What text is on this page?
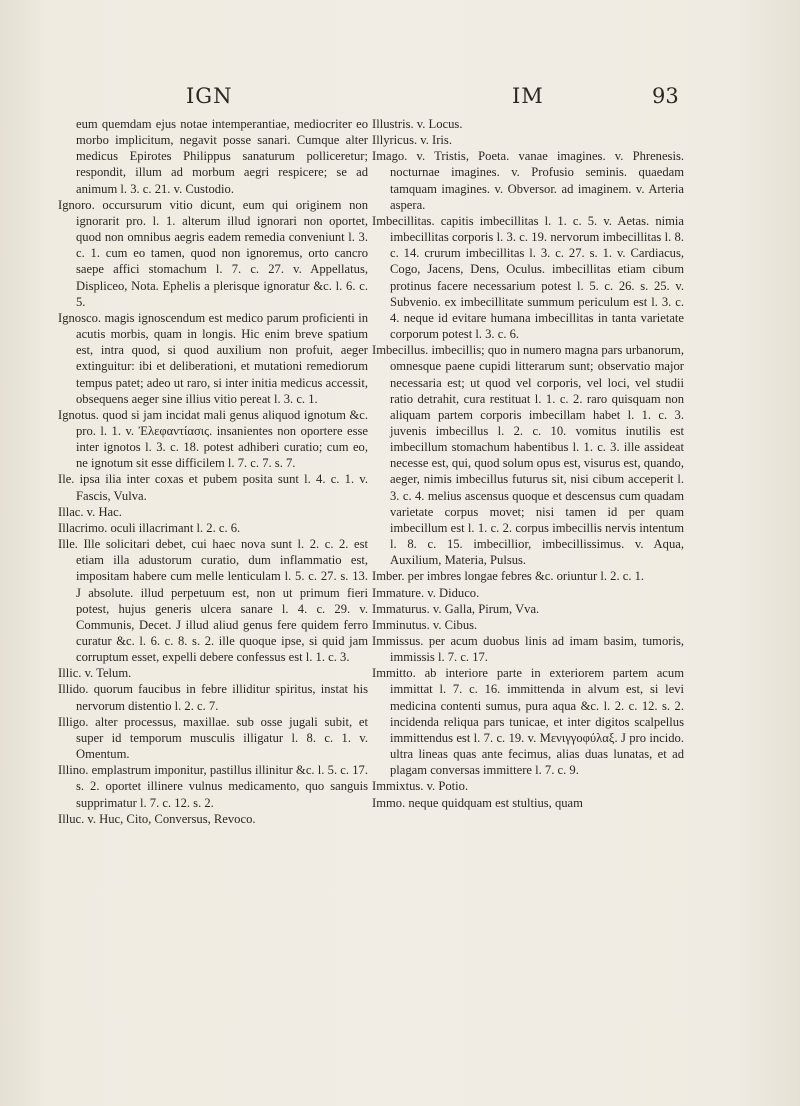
IGN	IM	93

eum quemdam ejus notae intemperantiae, mediocriter eo morbo implicitum, negavit posse sanari. Cumque alter medicus Epirotes Philippus sanaturum polliceretur; respondit, illum ad morbum aegri respicere; se ad animum l. 3. c. 21. v. Custodio.

Ignoro. occursurum vitio dicunt, eum qui originem non ignorarit pro. l. 1. alterum illud ignorari non oportet, quod non omnibus aegris eadem remedia conveniunt l. 3. c. 1. cum eo tamen, quod non ignoremus, orto cancro saepe affici stomachum l. 7. c. 27. v. Appellatus, Displiceo, Nota. Ephelis a plerisque ignoratur &c. l. 6. c. 5.

Ignosco. magis ignoscendum est medico parum proficienti in acutis morbis, quam in longis. Hic enim breve spatium est, intra quod, si quod auxilium non profuit, aeger extinguitur: ibi et deliberationi, et mutationi remediorum tempus patet; adeo ut raro, si inter initia medicus accessit, obsequens aeger sine illius vitio pereat l. 3. c. 1.

Ignotus. quod si jam incidat mali genus aliquod ignotum &c. pro. l. 1. v. Ἐλεφαντίασις. insanientes non oportere esse inter ignotos l. 3. c. 18. potest adhiberi curatio; cum eo, ne ignotum sit esse difficilem l. 7. c. 7. s. 7.

Ile. ipsa ilia inter coxas et pubem posita sunt l. 4. c. 1. v. Fascis, Vulva.

Illac. v. Hac.

Illacrimo. oculi illacrimant l. 2. c. 6.

Ille. Ille solicitari debet, cui haec nova sunt l. 2. c. 2. est etiam illa adustorum curatio, dum inflammatio est, impositam habere cum melle lenticulam l. 5. c. 27. s. 13. J absolute. illud perpetuum est, non ut primum fieri potest, hujus generis ulcera sanare l. 4. c. 29. v. Communis, Decet. J illud aliud genus fere quidem ferro curatur &c. l. 6. c. 8. s. 2. ille quoque ipse, si quid jam corruptum esset, expelli debere confessus est l. 1. c. 3.

Illic. v. Telum.

Illido. quorum faucibus in febre illiditur spiritus, instat his nervorum distentio l. 2. c. 7.

Illigo. alter processus, maxillae. sub osse jugali subit, et super id temporum musculis illigatur l. 8. c. 1. v. Omentum.

Illino. emplastrum imponitur, pastillus illinitur &c. l. 5. c. 17. s. 2. oportet illinere vulnus medicamento, quo sanguis supprimatur l. 7. c. 12. s. 2.

Illuc. v. Huc, Cito, Conversus, Revoco.

Illustris. v. Locus.

Illyricus. v. Iris.

Imago. v. Tristis, Poeta. vanae imagines. v. Phrenesis. nocturnae imagines. v. Profusio seminis. quaedam tamquam imagines. v. Obversor. ad imaginem. v. Arteria aspera.

Imbecillitas. capitis imbecillitas l. 1. c. 5. v. Aetas. nimia imbecillitas corporis l. 3. c. 19. nervorum imbecillitas l. 8. c. 14. crurum imbecillitas l. 3. c. 27. s. 1. v. Cardiacus, Cogo, Jacens, Dens, Oculus. imbecillitas etiam cibum protinus facere necessarium potest l. 5. c. 26. s. 25. v. Subvenio. ex imbecillitate summum periculum est l. 3. c. 4. neque id evitare humana imbecillitas in tanta varietate corporum potest l. 3. c. 6.

Imbecillus. imbecillis; quo in numero magna pars urbanorum, omnesque paene cupidi litterarum sunt; observatio major necessaria est; ut quod vel corporis, vel loci, vel studii ratio detrahit, cura restituat l. 1. c. 2. raro quisquam non aliquam partem corporis imbecillam habet l. 1. c. 3. juvenis imbecillus l. 2. c. 10. vomitus inutilis est imbecillum stomachum habentibus l. 1. c. 3. ille assideat necesse est, qui, quod solum opus est, visurus est, quando, aeger, nimis imbecillus futurus sit, nisi cibum acceperit l. 3. c. 4. melius ascensus quoque et descensus cum quadam varietate corpus movet; nisi tamen id per quam imbecillum est l. 1. c. 2. corpus imbecillis nervis intentum l. 8. c. 15. imbecillior, imbecillissimus. v. Aqua, Auxilium, Materia, Pulsus.

Imber. per imbres longae febres &c. oriuntur l. 2. c. 1.

Immature. v. Diduco.

Immaturus. v. Galla, Pirum, Vva.

Imminutus. v. Cibus.

Immissus. per acum duobus linis ad imam basim, tumoris, immissis l. 7. c. 17.

Immitto. ab interiore parte in exteriorem partem acum immittat l. 7. c. 16. immittenda in alvum est, si levi medicina contenti sumus, pura aqua &c. l. 2. c. 12. s. 2. incidenda reliqua pars tunicae, et inter digitos scalpellus immittendus est l. 7. c. 19. v. Μενιγγοφύλαξ. J pro incido. ultra lineas quas ante fecimus, alias duas lunatas, et ad plagam conversas immittere l. 7. c. 9.

Immixtus. v. Potio.

Immo. neque quidquam est stultius, quam
